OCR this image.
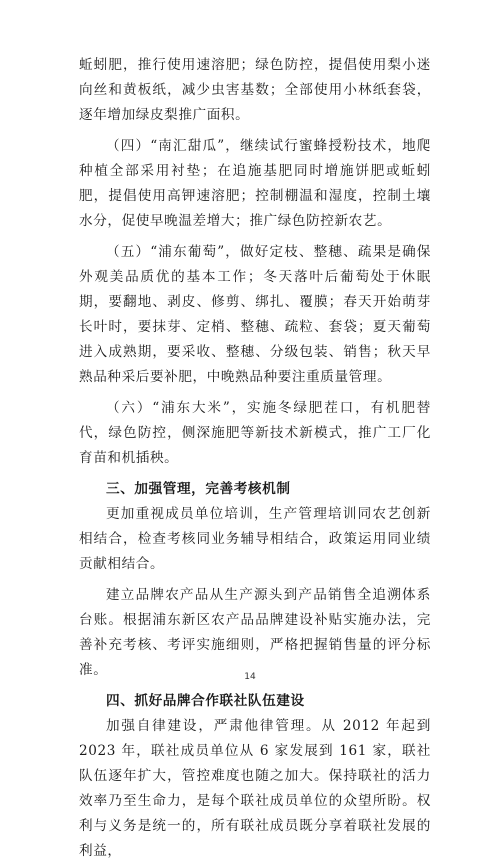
蚯蚓肥，推行使用速溶肥；绿色防控，提倡使用梨小迷向丝和黄板纸，减少虫害基数；全部使用小林纸套袋，逐年增加绿皮梨推广面积。

（四）“南汇甜瓜”，继续试行蜜蜂授粉技术，地爬种植全部采用衬垫；在追施基肥同时增施饼肥或蚯蚓肥，提倡使用高钾速溶肥；控制棚温和湿度，控制土壤水分，促使早晚温差增大；推广绿色防控新农艺。

（五）“浦东葡萄”，做好定枝、整穗、疏果是确保外观美品质优的基本工作；冬天落叶后葡萄处于休眠期，要翻地、剥皮、修剪、绑扎、覆膜；春天开始萌芽长叶时，要抹芽、定梢、整穗、疏粒、套袋；夏天葡萄进入成熟期，要采收、整穗、分级包装、销售；秋天早熟品种采后要补肥，中晚熟品种要注重质量管理。

（六）“浦东大米”，实施冬绿肥茬口，有机肥替代，绿色防控，侧深施肥等新技术新模式，推广工厂化育苗和机插秧。

三、加强管理，完善考核机制

更加重视成员单位培训，生产管理培训同农艺创新相结合，检查考核同业务辅导相结合，政策运用同业绩贡献相结合。

建立品牌农产品从生产源头到产品销售全追溯体系台账。根据浦东新区农产品品牌建设补贴实施办法，完善补充考核、考评实施细则，严格把握销售量的评分标准。

四、抓好品牌合作联社队伍建设

加强自律建设，严肃他律管理。从 2012 年起到 2023 年，联社成员单位从 6 家发展到 161 家，联社队伍逐年扩大，管控难度也随之加大。保持联社的活力效率乃至生命力，是每个联社成员单位的众望所盼。权利与义务是统一的，所有联社成员既分享着联社发展的利益，

14
